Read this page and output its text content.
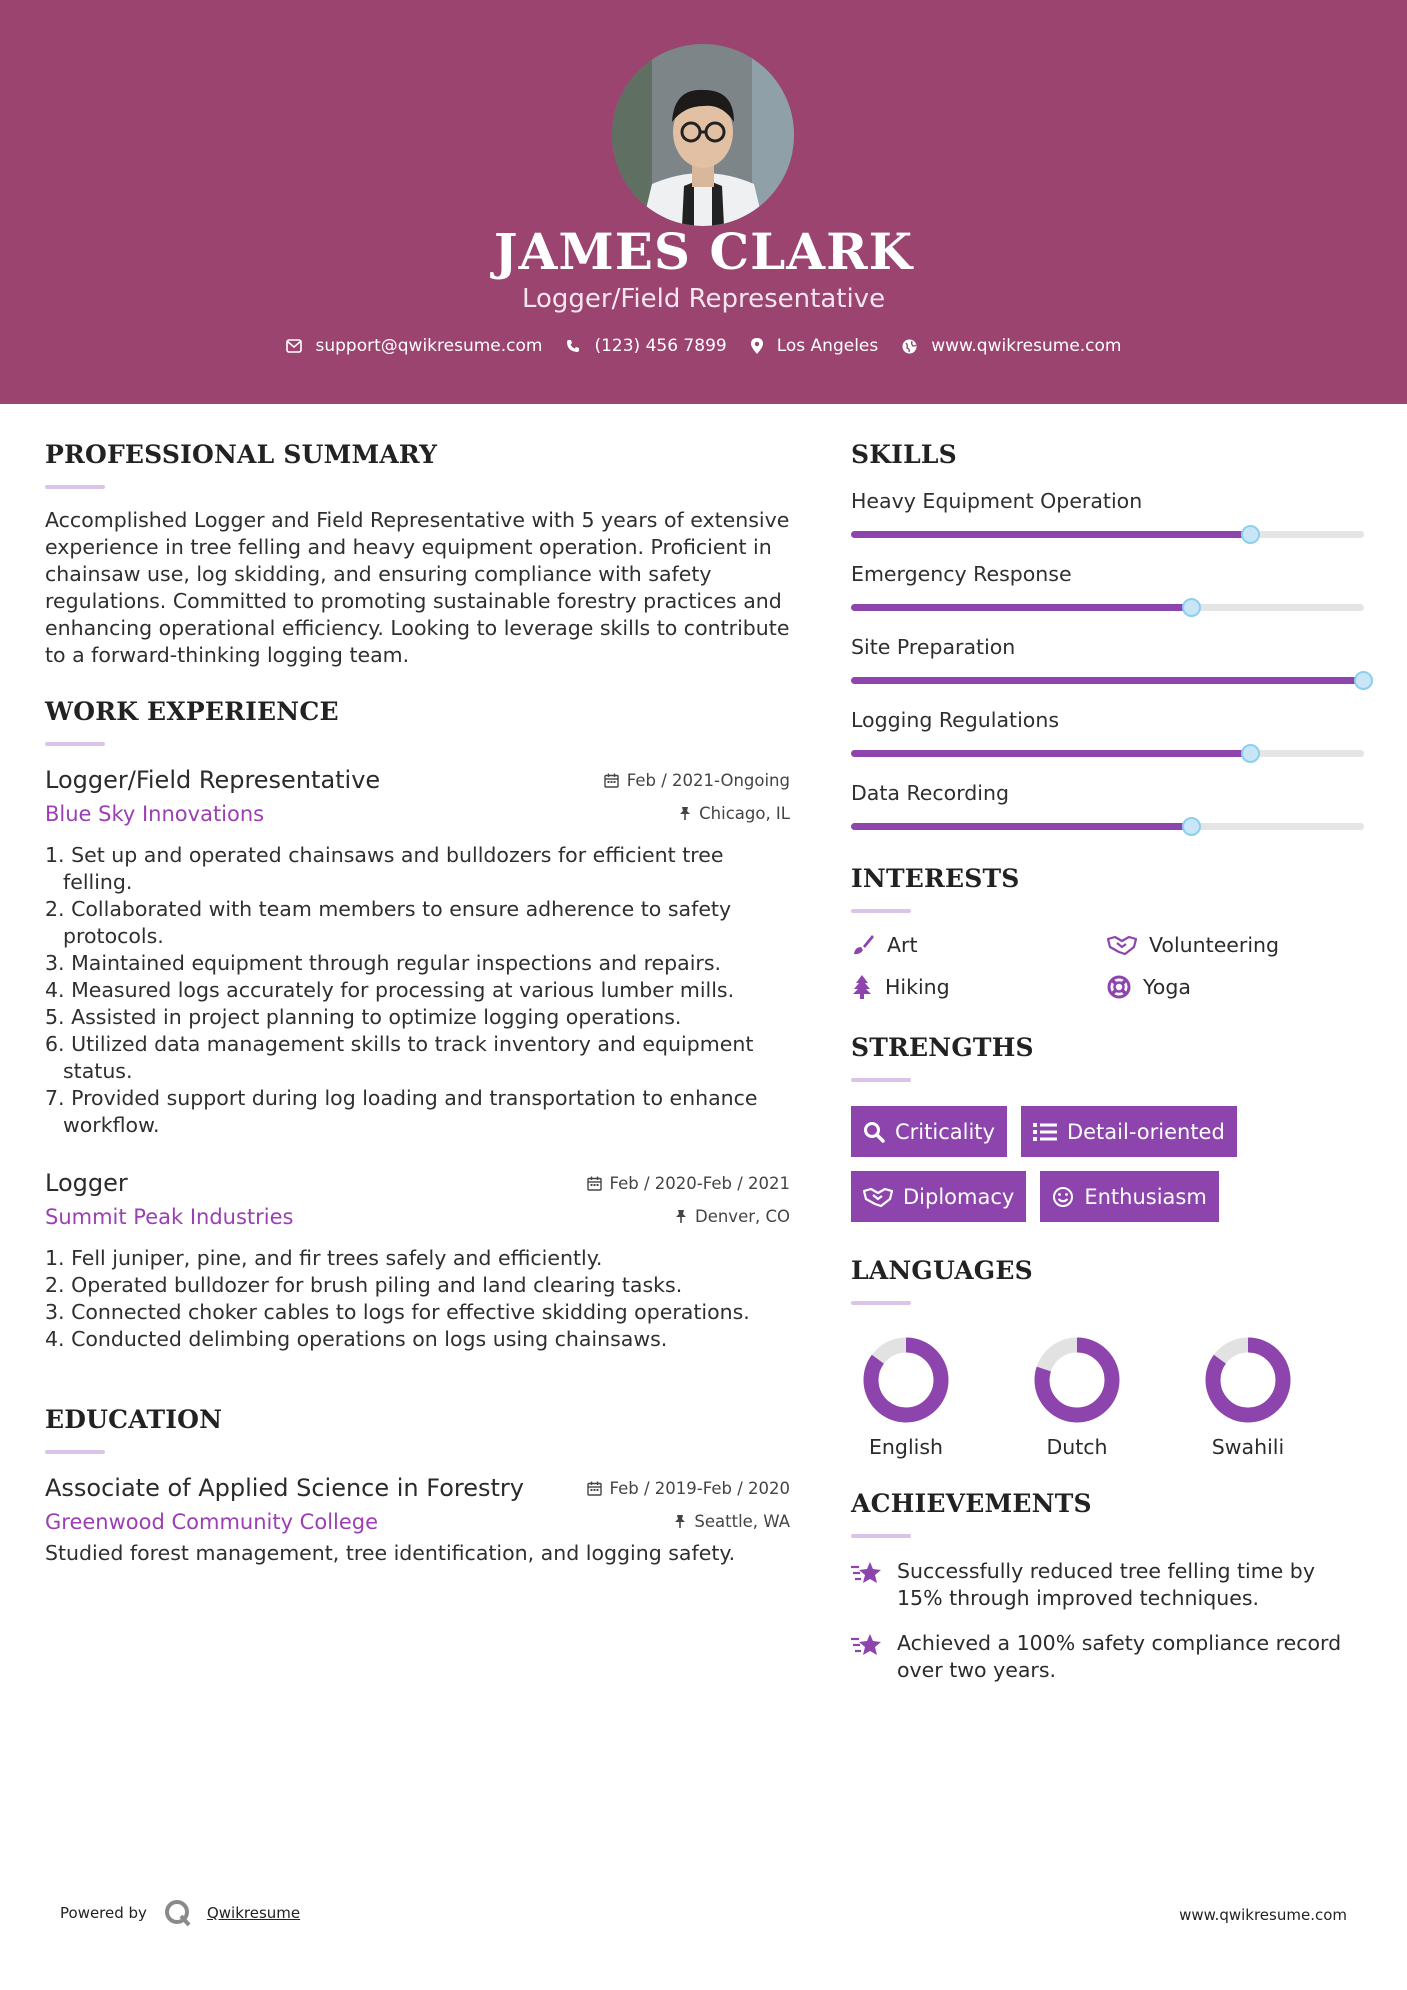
JAMES CLARK
Logger/Field Representative
support@qwikresume.com	(123) 456 7899	Los Angeles	www.qwikresume.com
PROFESSIONAL SUMMARY

Accomplished Logger and Field Representative with 5 years of extensive experience in tree felling and heavy equipment operation. Proficient in chainsaw use, log skidding, and ensuring compliance with safety regulations. Committed to promoting sustainable forestry practices and enhancing operational efficiency. Looking to leverage skills to contribute to a forward-thinking logging team.

WORK EXPERIENCE
Logger/Field Representative	Feb / 2021-Ongoing
Blue Sky Innovations	Chicago, IL
1. Set up and operated chainsaws and bulldozers for efficient tree felling.
2. Collaborated with team members to ensure adherence to safety protocols.
3. Maintained equipment through regular inspections and repairs.
4. Measured logs accurately for processing at various lumber mills.
5. Assisted in project planning to optimize logging operations.
6. Utilized data management skills to track inventory and equipment status.
7. Provided support during log loading and transportation to enhance workflow.
Logger	Feb / 2020-Feb / 2021
Summit Peak Industries	Denver, CO
1. Fell juniper, pine, and fir trees safely and efficiently.
2. Operated bulldozer for brush piling and land clearing tasks.
3. Connected choker cables to logs for effective skidding operations.
4. Conducted delimbing operations on logs using chainsaws.
EDUCATION
Associate of Applied Science in Forestry	Feb / 2019-Feb / 2020
Greenwood Community College	Seattle, WA

Studied forest management, tree identification, and logging safety.

SKILLS
Heavy Equipment Operation
Emergency Response
Site Preparation
Logging Regulations
Data Recording
INTERESTS
Art	Volunteering
Hiking	Yoga
STRENGTHS
Criticality	Detail-oriented
Diplomacy	Enthusiasm
LANGUAGES
English	Dutch	Swahili
ACHIEVEMENTS
Successfully reduced tree felling time by 15% through improved techniques.
Achieved a 100% safety compliance record over two years.
Powered by	Qwikresume	www.qwikresume.com
